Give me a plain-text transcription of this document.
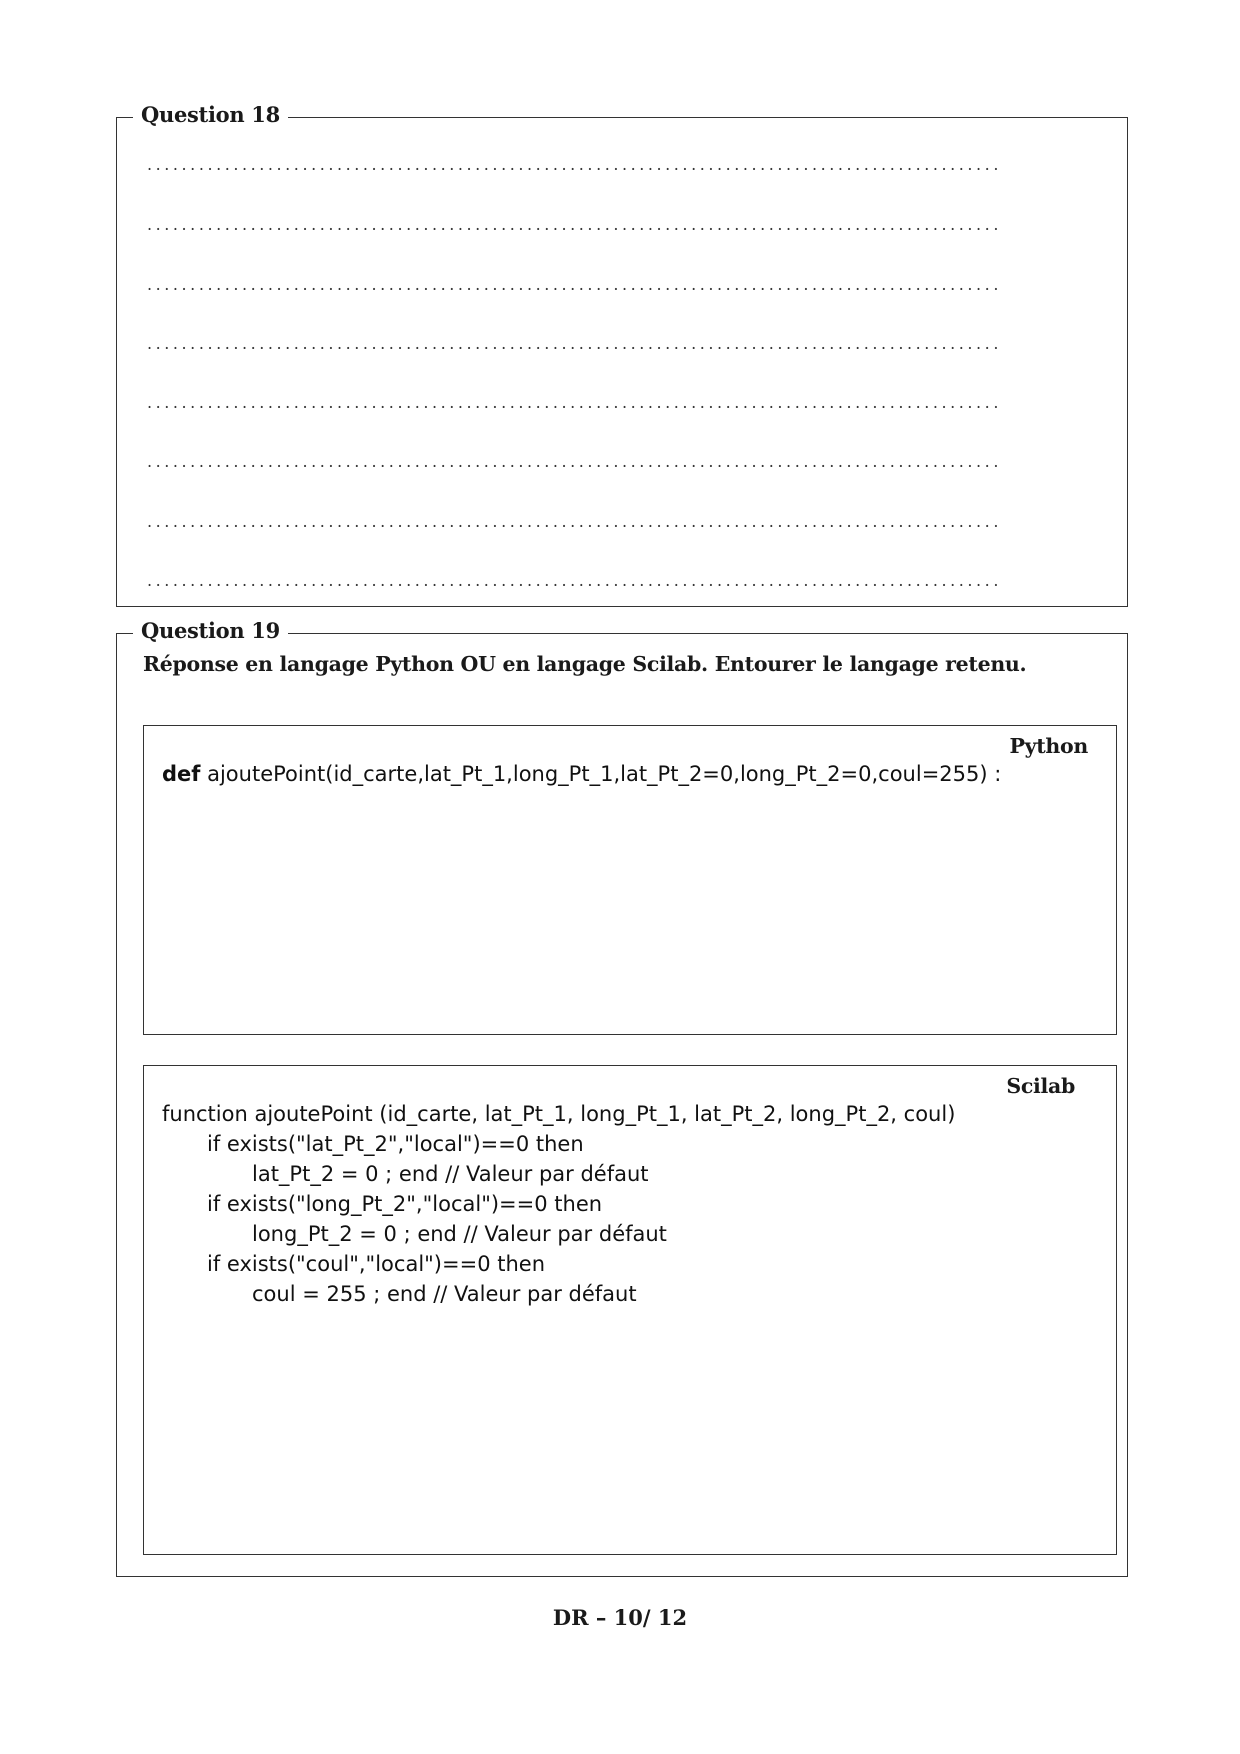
Question 18
...................................................................................................
...................................................................................................
...................................................................................................
...................................................................................................
...................................................................................................
...................................................................................................
...................................................................................................
...................................................................................................
Question 19
Réponse en langage Python OU en langage Scilab. Entourer le langage retenu.
Python
def ajoutePoint(id_carte,lat_Pt_1,long_Pt_1,lat_Pt_2=0,long_Pt_2=0,coul=255) :
Scilab
function ajoutePoint (id_carte, lat_Pt_1, long_Pt_1, lat_Pt_2, long_Pt_2, coul)
if exists("lat_Pt_2","local")==0 then
lat_Pt_2 = 0 ; end // Valeur par défaut
if exists("long_Pt_2","local")==0 then
long_Pt_2 = 0 ; end // Valeur par défaut
if exists("coul","local")==0 then
coul = 255 ; end // Valeur par défaut
DR – 10/ 12
